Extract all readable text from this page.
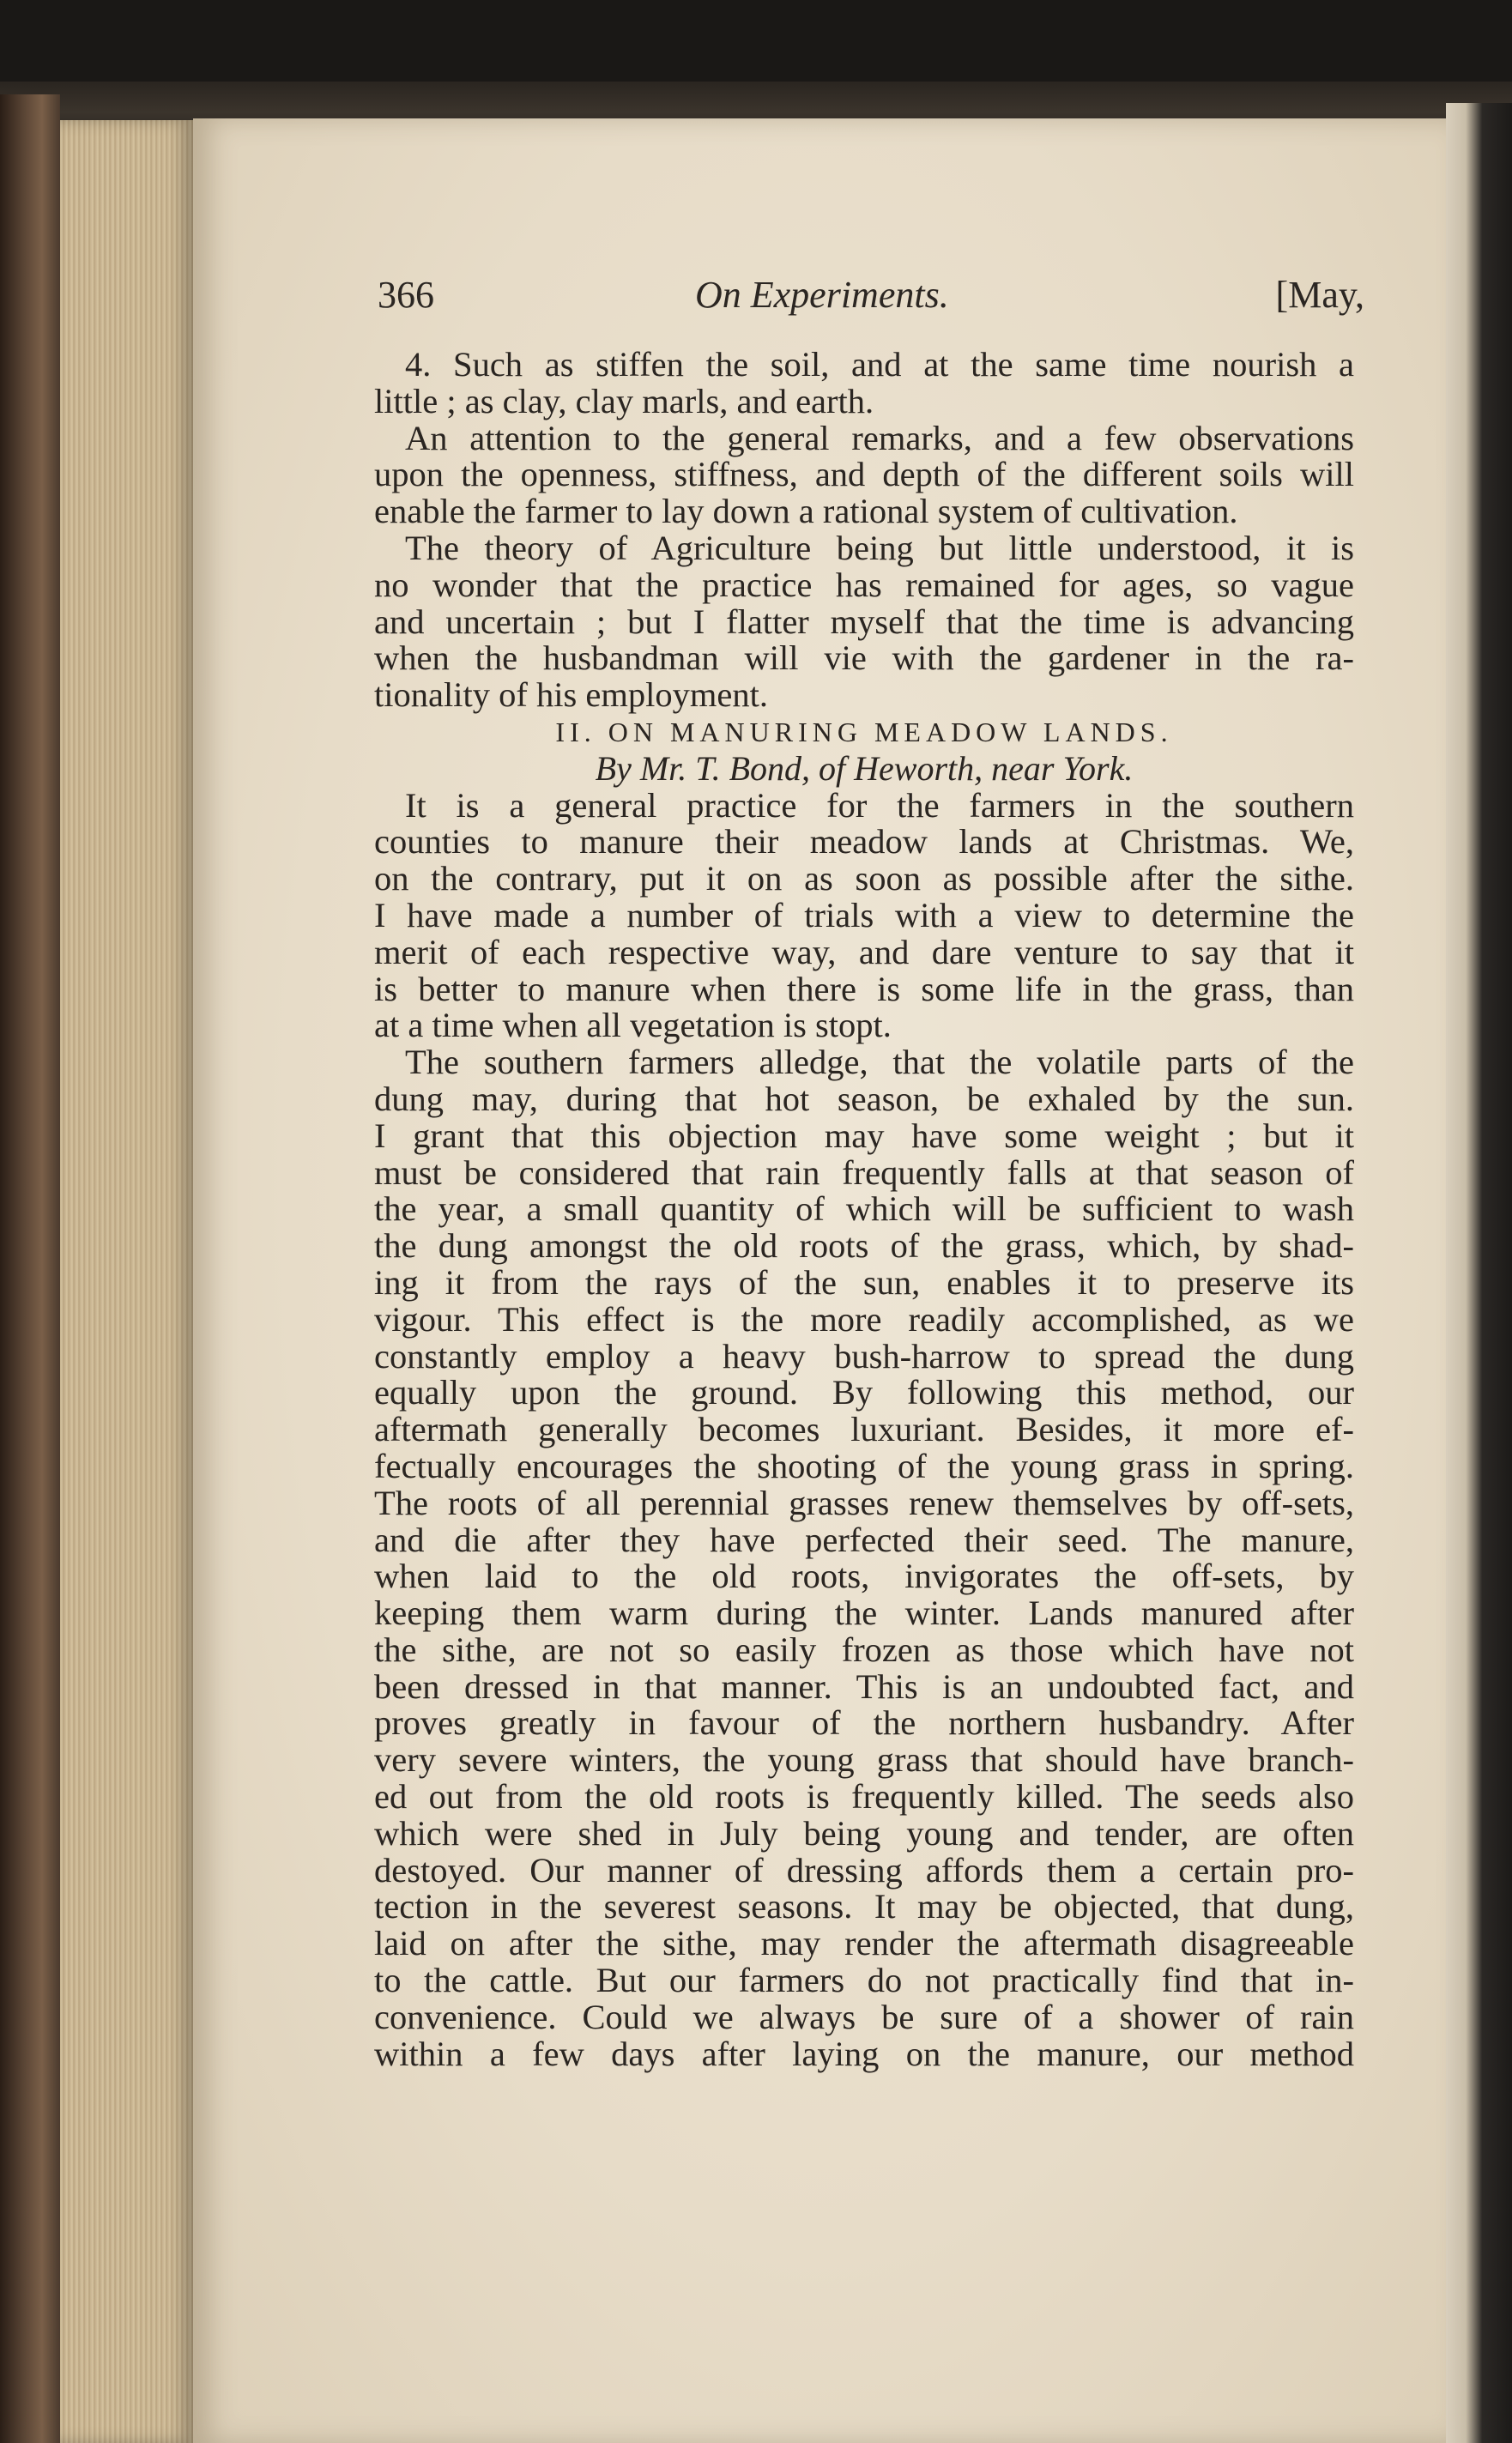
366	On Experiments.	[May,
4. Such as stiffen the soil, and at the same time nourish a
little ; as clay, clay marls, and earth.
An attention to the general remarks, and a few observations
upon the openness, stiffness, and depth of the different soils will
enable the farmer to lay down a rational system of cultivation.
The theory of Agriculture being but little understood, it is
no wonder that the practice has remained for ages, so vague
and uncertain ; but I flatter myself that the time is advancing
when the husbandman will vie with the gardener in the ra-
tionality of his employment.
II. ON MANURING MEADOW LANDS.
By Mr. T. Bond, of Heworth, near York.
It is a general practice for the farmers in the southern
counties to manure their meadow lands at Christmas. We,
on the contrary, put it on as soon as possible after the sithe.
I have made a number of trials with a view to determine the
merit of each respective way, and dare venture to say that it
is better to manure when there is some life in the grass, than
at a time when all vegetation is stopt.
The southern farmers alledge, that the volatile parts of the
dung may, during that hot season, be exhaled by the sun.
I grant that this objection may have some weight ; but it
must be considered that rain frequently falls at that season of
the year, a small quantity of which will be sufficient to wash
the dung amongst the old roots of the grass, which, by shad-
ing it from the rays of the sun, enables it to preserve its
vigour. This effect is the more readily accomplished, as we
constantly employ a heavy bush-harrow to spread the dung
equally upon the ground. By following this method, our
aftermath generally becomes luxuriant. Besides, it more ef-
fectually encourages the shooting of the young grass in spring.
The roots of all perennial grasses renew themselves by off-sets,
and die after they have perfected their seed. The manure,
when laid to the old roots, invigorates the off-sets, by
keeping them warm during the winter. Lands manured after
the sithe, are not so easily frozen as those which have not
been dressed in that manner. This is an undoubted fact, and
proves greatly in favour of the northern husbandry. After
very severe winters, the young grass that should have branch-
ed out from the old roots is frequently killed. The seeds also
which were shed in July being young and tender, are often
destoyed. Our manner of dressing affords them a certain pro-
tection in the severest seasons. It may be objected, that dung,
laid on after the sithe, may render the aftermath disagreeable
to the cattle. But our farmers do not practically find that in-
convenience. Could we always be sure of a shower of rain
within a few days after laying on the manure, our method
